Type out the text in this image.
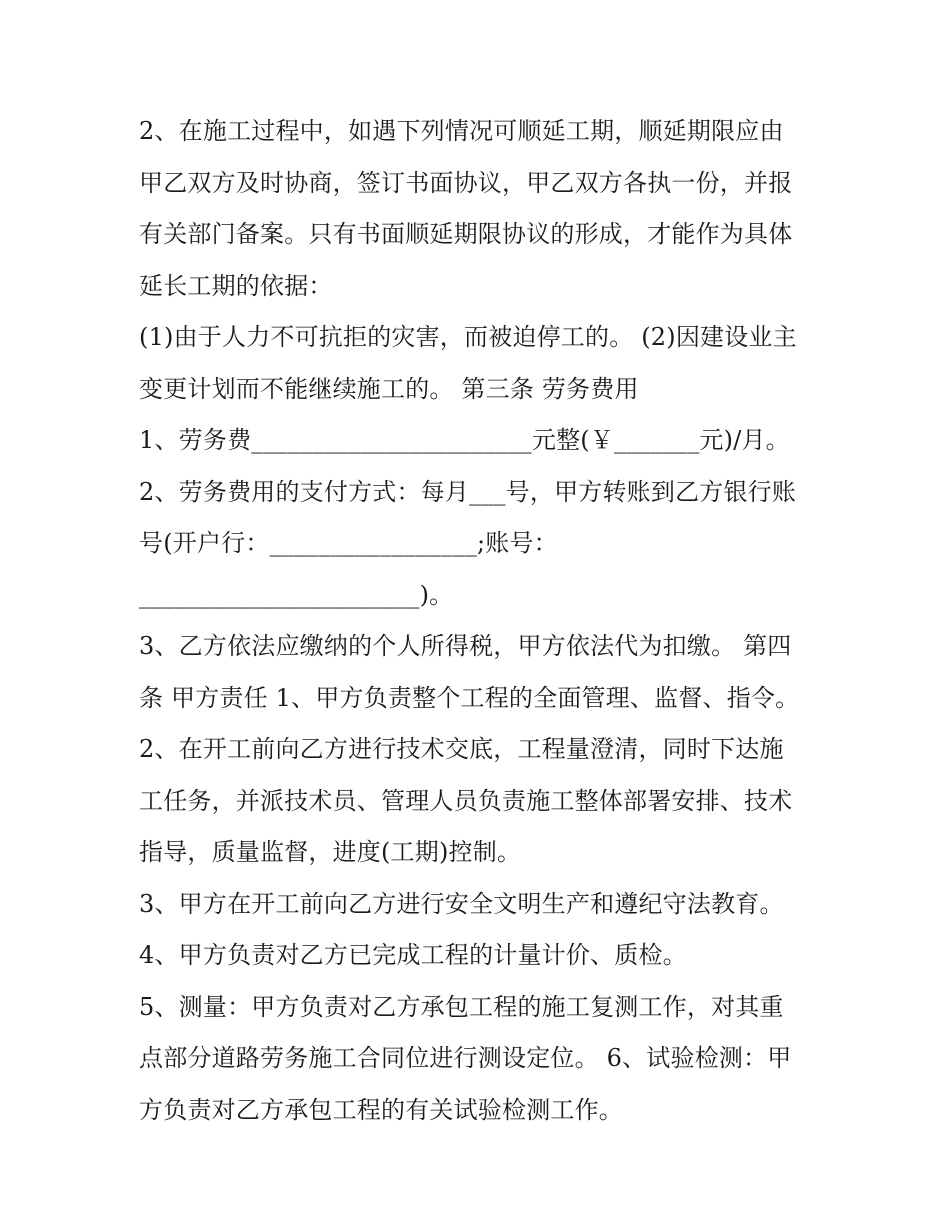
2、在施工过程中，如遇下列情况可顺延工期，顺延期限应由
甲乙双方及时协商，签订书面协议，甲乙双方各执一份，并报
有关部门备案。只有书面顺延期限协议的形成，才能作为具体
延长工期的依据：
(1)由于人力不可抗拒的灾害，而被迫停工的。 (2)因建设业主
变更计划而不能继续施工的。 第三条 劳务费用
1、劳务费_______________________元整(￥_______元)/月。
2、劳务费用的支付方式：每月___号，甲方转账到乙方银行账
号(开户行：_________________;账号：
_______________________)。
3、乙方依法应缴纳的个人所得税，甲方依法代为扣缴。 第四
条 甲方责任 1、甲方负责整个工程的全面管理、监督、指令。
2、在开工前向乙方进行技术交底，工程量澄清，同时下达施
工任务，并派技术员、管理人员负责施工整体部署安排、技术
指导，质量监督，进度(工期)控制。
3、甲方在开工前向乙方进行安全文明生产和遵纪守法教育。
4、甲方负责对乙方已完成工程的计量计价、质检。
5、测量：甲方负责对乙方承包工程的施工复测工作，对其重
点部分道路劳务施工合同位进行测设定位。 6、试验检测：甲
方负责对乙方承包工程的有关试验检测工作。
